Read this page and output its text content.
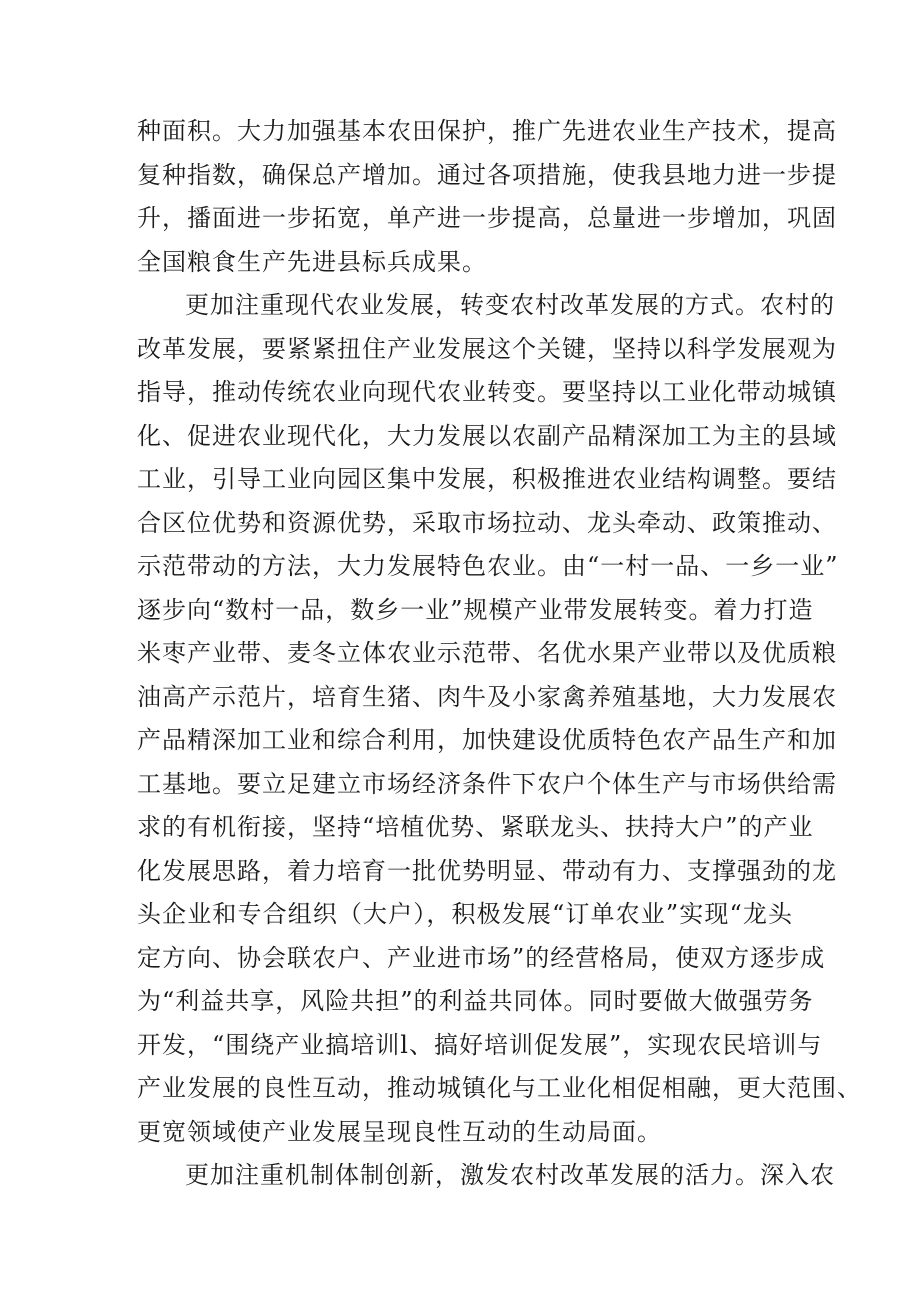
种面积。大力加强基本农田保护，推广先进农业生产技术，提高
复种指数，确保总产增加。通过各项措施，使我县地力进一步提
升，播面进一步拓宽，单产进一步提高，总量进一步增加，巩固
全国粮食生产先进县标兵成果。
更加注重现代农业发展，转变农村改革发展的方式。农村的
改革发展，要紧紧扭住产业发展这个关键，坚持以科学发展观为
指导，推动传统农业向现代农业转变。要坚持以工业化带动城镇
化、促进农业现代化，大力发展以农副产品精深加工为主的县域
工业，引导工业向园区集中发展，积极推进农业结构调整。要结
合区位优势和资源优势，采取市场拉动、龙头牵动、政策推动、
示范带动的方法，大力发展特色农业。由“一村一品、一乡一业”
逐步向“数村一品，数乡一业”规模产业带发展转变。着力打造
米枣产业带、麦冬立体农业示范带、名优水果产业带以及优质粮
油高产示范片，培育生猪、肉牛及小家禽养殖基地，大力发展农
产品精深加工业和综合利用，加快建设优质特色农产品生产和加
工基地。要立足建立市场经济条件下农户个体生产与市场供给需
求的有机衔接，坚持“培植优势、紧联龙头、扶持大户”的产业
化发展思路，着力培育一批优势明显、带动有力、支撑强劲的龙
头企业和专合组织（大户），积极发展“订单农业”实现“龙头
定方向、协会联农户、产业进市场”的经营格局，使双方逐步成
为“利益共享，风险共担”的利益共同体。同时要做大做强劳务
开发，“围绕产业搞培训l、搞好培训促发展”，实现农民培训与
产业发展的良性互动，推动城镇化与工业化相促相融，更大范围、
更宽领域使产业发展呈现良性互动的生动局面。
更加注重机制体制创新，激发农村改革发展的活力。深入农
